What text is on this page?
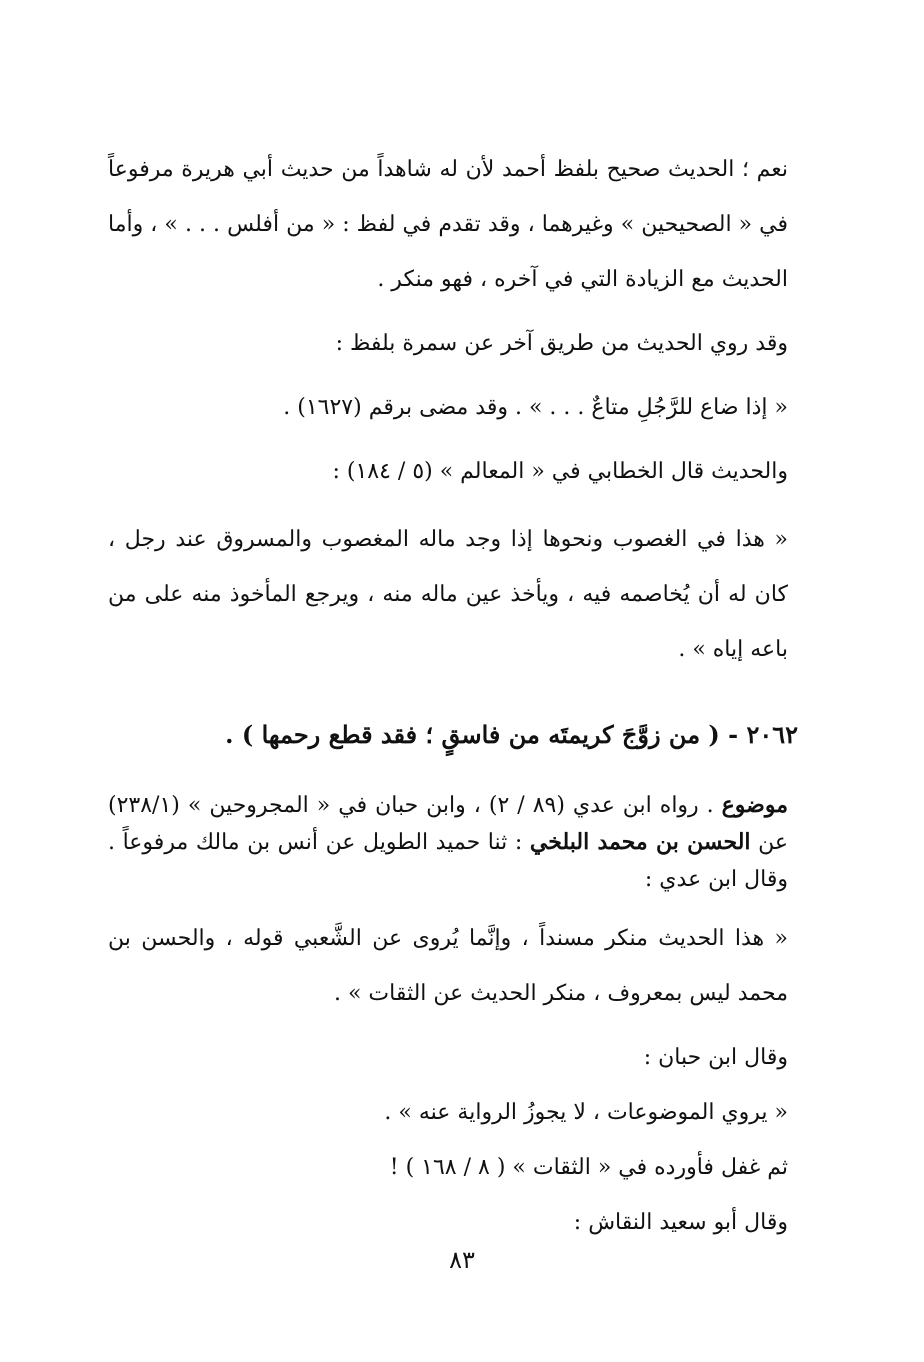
نعم ؛ الحديث صحيح بلفظ أحمد لأن له شاهداً من حديث أبي هريرة مرفوعاً في « الصحيحين » وغيرهما ، وقد تقدم في لفظ : « من أفلس . . . » ، وأما الحديث مع الزيادة التي في آخره ، فهو منكر .

وقد روي الحديث من طريق آخر عن سمرة بلفظ :

« إذا ضاع للرَّجُلِ متاعٌ . . . » . وقد مضى برقم (١٦٢٧) .

والحديث قال الخطابي في « المعالم » (٥ / ١٨٤) :

« هذا في الغصوب ونحوها إذا وجد ماله المغصوب والمسروق عند رجل ، كان له أن يُخاصمه فيه ، ويأخذ عين ماله منه ، ويرجع المأخوذ منه على من باعه إياه » .

٢٠٦٢ - ( من زوَّجَ كريمتَه من فاسقٍ ؛ فقد قطع رحمها ) .

موضوع . رواه ابن عدي (٨٩ / ٢) ، وابن حبان في « المجروحين » (٢٣٨/١) عن الحسن بن محمد البلخي : ثنا حميد الطويل عن أنس بن مالك مرفوعاً . وقال ابن عدي :

« هذا الحديث منكر مسنداً ، وإنَّما يُروى عن الشَّعبي قوله ، والحسن بن محمد ليس بمعروف ، منكر الحديث عن الثقات » .

وقال ابن حبان :

« يروي الموضوعات ، لا يجوزُ الرواية عنه » .

ثم غفل فأورده في « الثقات » ( ٨ / ١٦٨ ) !

وقال أبو سعيد النقاش :

٨٣
